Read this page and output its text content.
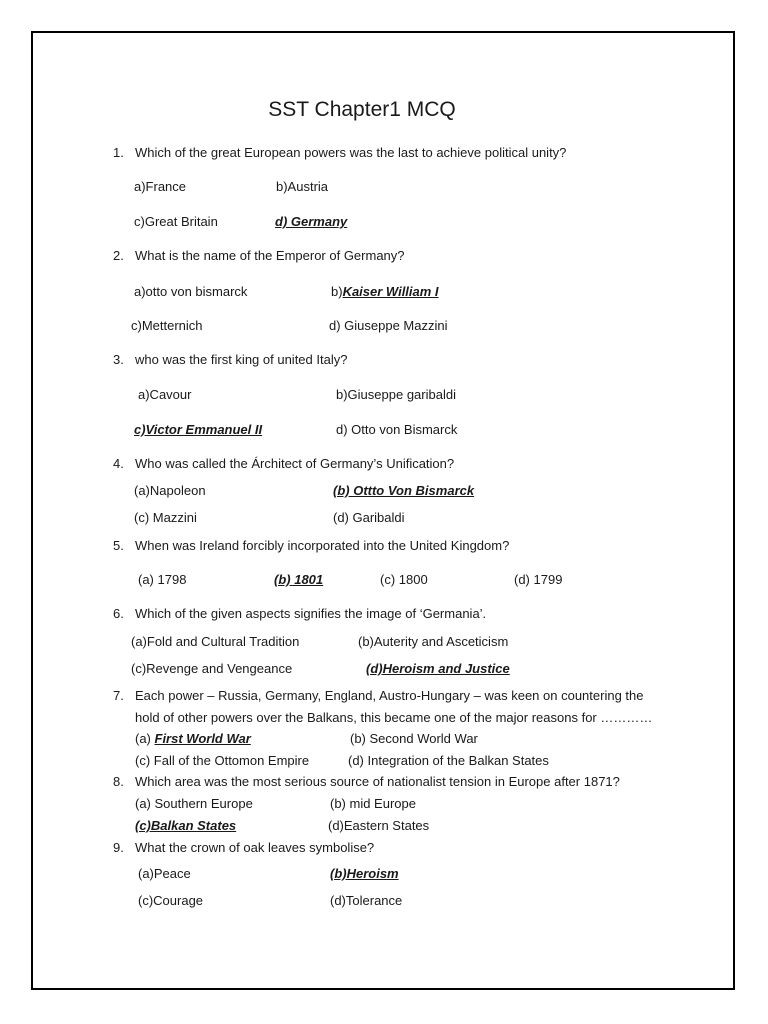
SST Chapter1 MCQ
1. Which of the great European powers was the last to achieve political unity?
a)France	b)Austria
c)Great Britain	d) Germany
2. What is the name of the Emperor of Germany?
a)otto von bismarck	b)Kaiser William I
c)Metternich	d) Giuseppe Mazzini
3. who was the first king of united Italy?
a)Cavour	b)Giuseppe garibaldi
c)Victor Emmanuel II	d) Otto von Bismarck
4. Who was called the Árchitect of Germany’s Unification?
(a)Napoleon	(b) Ottto Von Bismarck
(c) Mazzini	(d) Garibaldi
5. When was Ireland forcibly incorporated into the United Kingdom?
(a) 1798	(b) 1801	(c) 1800	(d) 1799
6. Which of the given aspects signifies the image of ‘Germania’.
(a)Fold and Cultural Tradition	(b)Auterity and Asceticism
(c)Revenge and Vengeance	(d)Heroism and Justice
7. Each power – Russia, Germany, England, Austro-Hungary – was keen on countering the
hold of other powers over the Balkans, this became one of the major reasons for …………
(a) First World War	(b) Second World War
(c) Fall of the Ottomon Empire	(d) Integration of the Balkan States
8. Which area was the most serious source of nationalist tension in Europe after 1871?
(a) Southern Europe	(b) mid Europe
(c)Balkan States	(d)Eastern States
9. What the crown of oak leaves symbolise?
(a)Peace	(b)Heroism
(c)Courage	(d)Tolerance
